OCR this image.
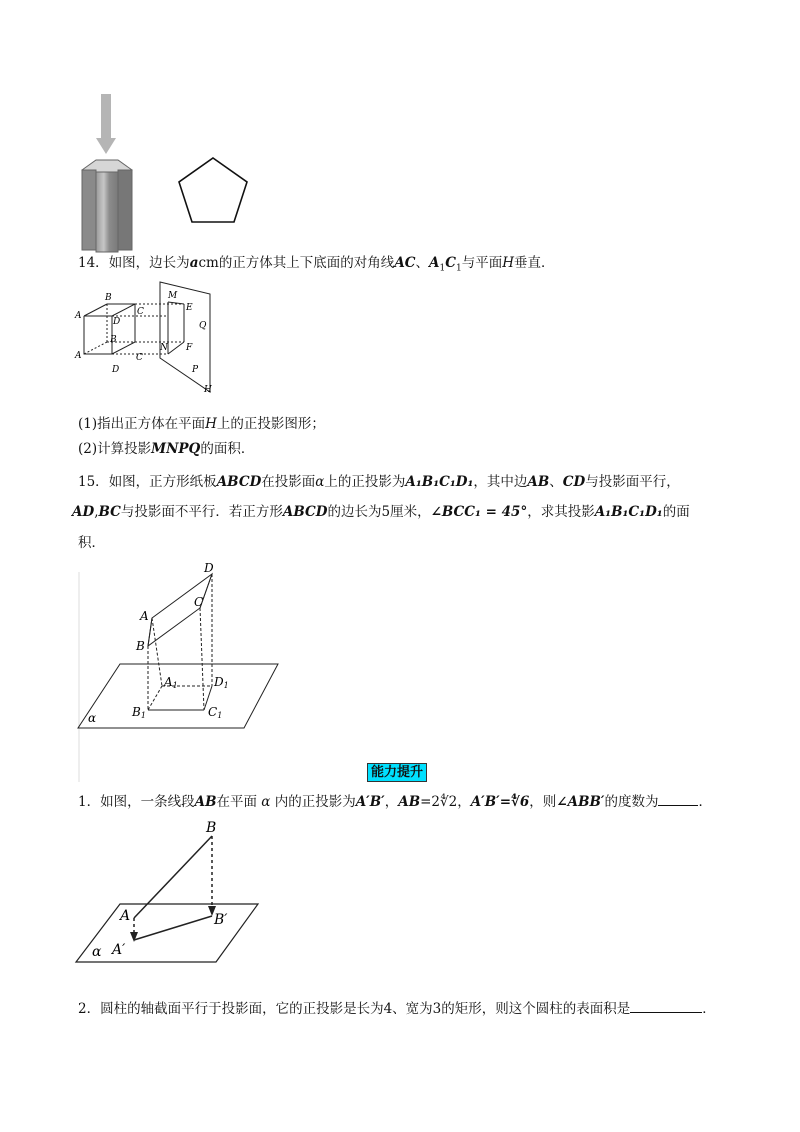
14．如图，边长为acm的正方体其上下底面的对角线AC、$A_1C_1$与平面H垂直．
A
B
C
D
A
B
C
D
M
E
Q
N F
P
H
(1)指出正方体在平面H上的正投影图形；
(2)计算投影MNPQ的面积．
15．如图，正方形纸板ABCD在投影面α上的正投影为A₁B₁C₁D₁，其中边AB、CD与投影面平行，
AD,BC与投影面不平行．若正方形ABCD的边长为5厘米，∠BCC₁ = 45°，求其投影A₁B₁C₁D₁的面
积．
D
A
C
B
A1	D1
B1	C1
α
能力提升
1．如图，一条线段AB在平面 α 内的正投影为A′B′，AB=2∜2，A′B′=∜6，则∠ABB′的度数为	．
B
A	B′
A′
α
2．圆柱的轴截面平行于投影面，它的正投影是长为4、宽为3的矩形，则这个圆柱的表面积是	．
